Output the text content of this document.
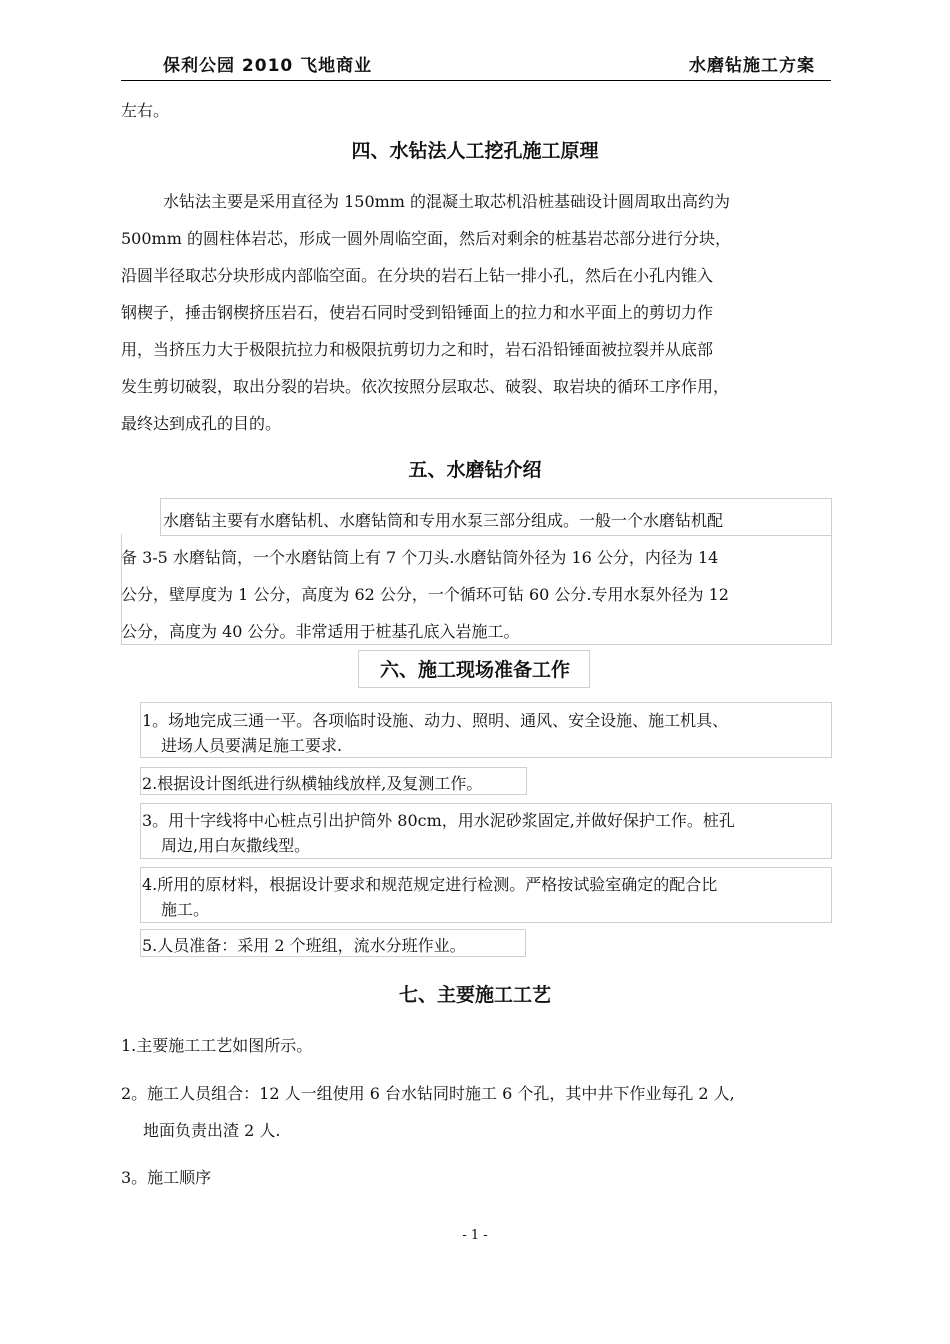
保利公园 2010 飞地商业	水磨钻施工方案
左右。
四、水钻法人工挖孔施工原理
水钻法主要是采用直径为 150mm 的混凝土取芯机沿桩基础设计圆周取出高约为
500mm 的圆柱体岩芯，形成一圆外周临空面，然后对剩余的桩基岩芯部分进行分块，
沿圆半径取芯分块形成内部临空面。在分块的岩石上钻一排小孔，然后在小孔内锥入
钢楔子，捶击钢楔挤压岩石，使岩石同时受到铅锤面上的拉力和水平面上的剪切力作
用，当挤压力大于极限抗拉力和极限抗剪切力之和时，岩石沿铅锤面被拉裂并从底部
发生剪切破裂，取出分裂的岩块。依次按照分层取芯、破裂、取岩块的循环工序作用，
最终达到成孔的目的。
五、水磨钻介绍
水磨钻主要有水磨钻机、水磨钻筒和专用水泵三部分组成。一般一个水磨钻机配
备 3-5 水磨钻筒，一个水磨钻筒上有 7 个刀头.水磨钻筒外径为 16 公分，内径为 14
公分，壁厚度为 1 公分，高度为 62 公分，一个循环可钻 60 公分.专用水泵外径为 12
公分，高度为 40 公分。非常适用于桩基孔底入岩施工。
六、施工现场准备工作
1。场地完成三通一平。各项临时设施、动力、照明、通风、安全设施、施工机具、
进场人员要满足施工要求.
2.根据设计图纸进行纵横轴线放样,及复测工作。
3。用十字线将中心桩点引出护筒外 80cm，用水泥砂浆固定,并做好保护工作。桩孔
周边,用白灰撒线型。
4.所用的原材料，根据设计要求和规范规定进行检测。严格按试验室确定的配合比
施工。
5.人员准备：采用 2 个班组，流水分班作业。
七、主要施工工艺
1.主要施工工艺如图所示。
2。施工人员组合：12 人一组使用 6 台水钻同时施工 6 个孔，其中井下作业每孔 2 人,
地面负责出渣 2 人.
3。施工顺序
- 1 -
